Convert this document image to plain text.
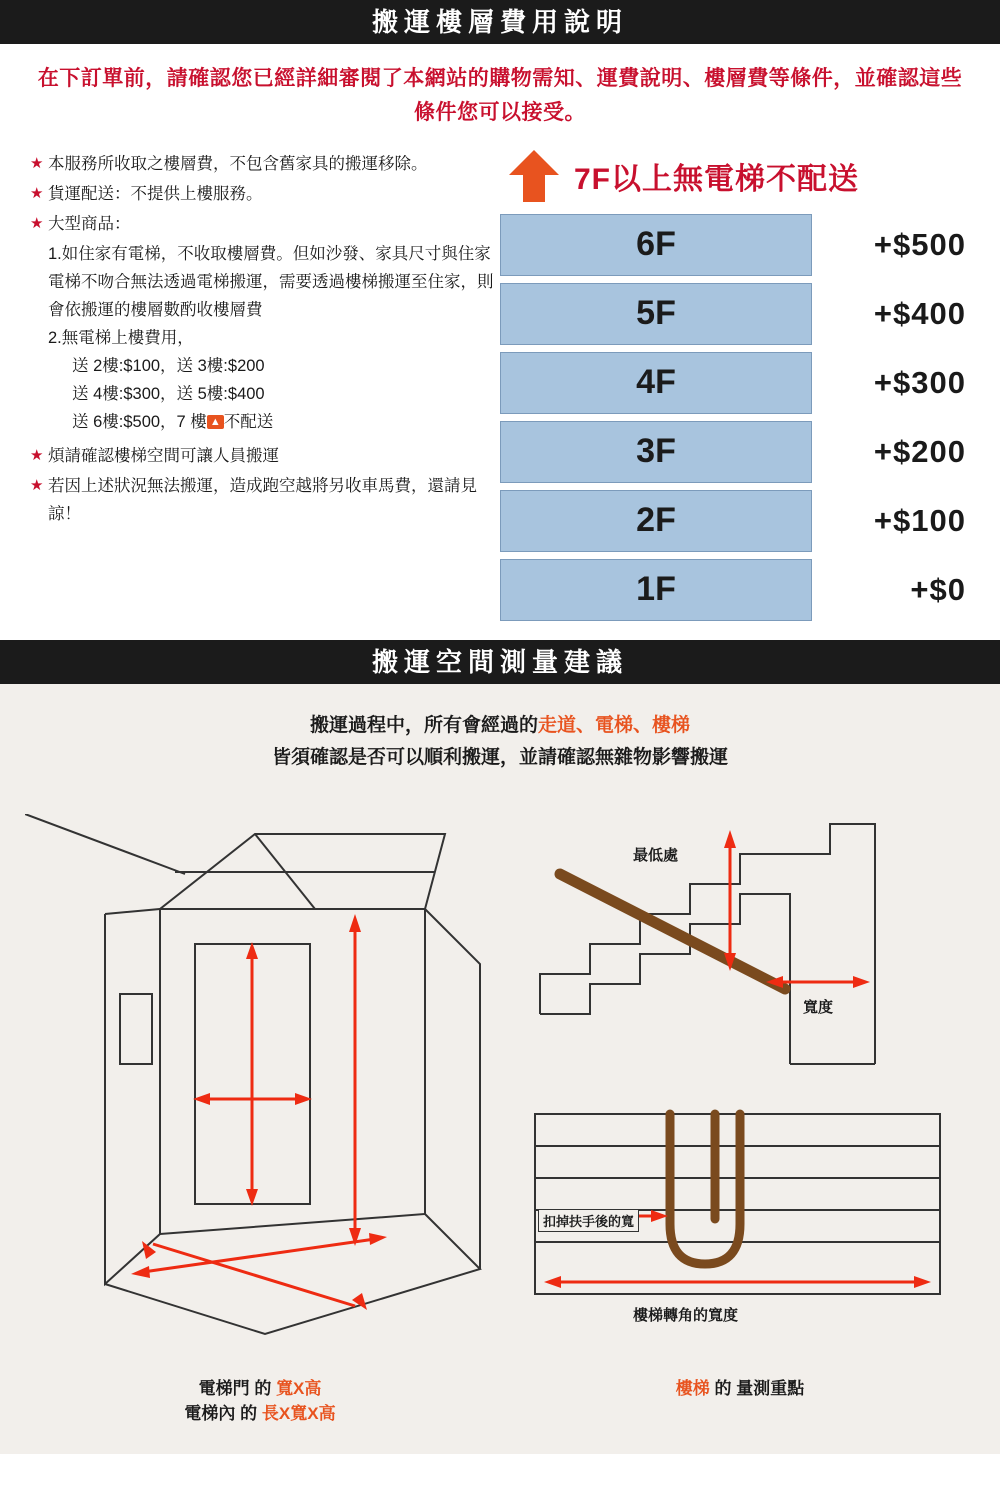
搬運樓層費用說明
在下訂單前，請確認您已經詳細審閱了本網站的購物需知、運費說明、樓層費等條件，並確認這些條件您可以接受。
★ 本服務所收取之樓層費，不包含舊家具的搬運移除。
★ 貨運配送：不提供上樓服務。
★ 大型商品：
1.如住家有電梯，不收取樓層費。但如沙發、家具尺寸與住家電梯不吻合無法透過電梯搬運，需要透過樓梯搬運至住家，則會依搬運的樓層數酌收樓層費
2.無電梯上樓費用，
送 2樓:$100，送 3樓:$200
送 4樓:$300，送 5樓:$400
送 6樓:$500，7 樓 ▲ 不配送
★ 煩請確認樓梯空間可讓人員搬運
★ 若因上述狀況無法搬運，造成跑空越將另收車馬費，還請見諒！
7F以上無電梯不配送
6F	+$500
5F	+$400
4F	+$300
3F	+$200
2F	+$100
1F	+$0
搬運空間測量建議
搬運過程中，所有會經過的走道、電梯、樓梯
皆須確認是否可以順利搬運，並請確認無雜物影響搬運
電梯門 的 寬X高
電梯內 的 長X寬X高
最低處
寬度
扣掉扶手後的寬
樓梯轉角的寬度
樓梯 的 量測重點
